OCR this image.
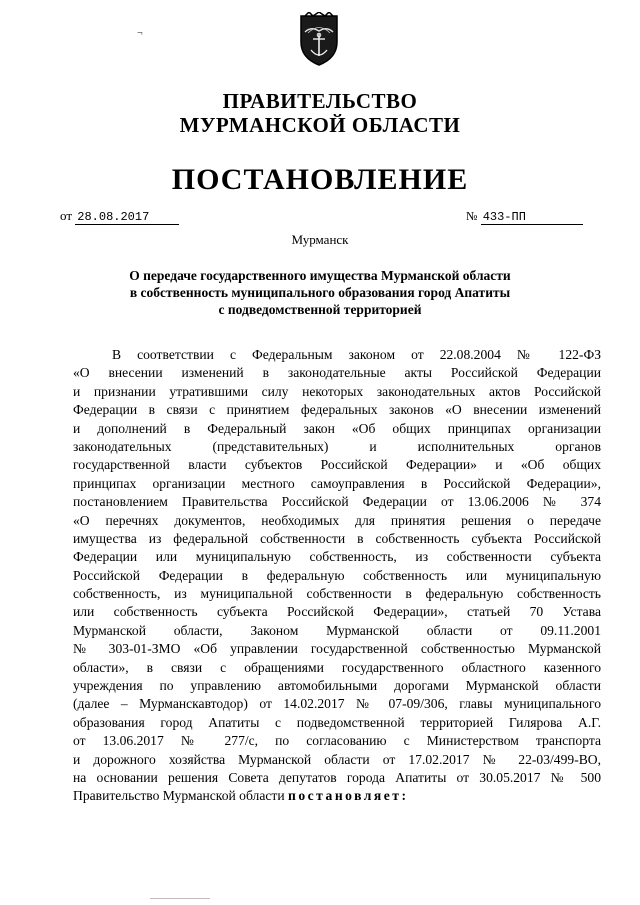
¬
ПРАВИТЕЛЬСТВО
МУРМАНСКОЙ ОБЛАСТИ
ПОСТАНОВЛЕНИЕ
от 28.08.2017	№ 433-ПП
Мурманск
О передаче государственного имущества Мурманской области
в собственность муниципального образования город Апатиты
с подведомственной территорией
В соответствии с Федеральным законом от 22.08.2004 № 122-ФЗ
«О внесении изменений в законодательные акты Российской Федерации
и признании утратившими силу некоторых законодательных актов Российской
Федерации в связи с принятием федеральных законов «О внесении изменений
и дополнений в Федеральный закон «Об общих принципах организации
законодательных (представительных) и исполнительных органов
государственной власти субъектов Российской Федерации» и «Об общих
принципах организации местного самоуправления в Российской Федерации»,
постановлением Правительства Российской Федерации от 13.06.2006 № 374
«О перечнях документов, необходимых для принятия решения о передаче
имущества из федеральной собственности в собственность субъекта Российской
Федерации или муниципальную собственность, из собственности субъекта
Российской Федерации в федеральную собственность или муниципальную
собственность, из муниципальной собственности в федеральную собственность
или собственность субъекта Российской Федерации», статьей 70 Устава
Мурманской области, Законом Мурманской области от 09.11.2001
№ 303-01-ЗМО «Об управлении государственной собственностью Мурманской
области», в связи с обращениями государственного областного казенного
учреждения по управлению автомобильными дорогами Мурманской области
(далее – Мурманскавтодор) от 14.02.2017 № 07-09/306, главы муниципального
образования город Апатиты с подведомственной территорией Гилярова А.Г.
от 13.06.2017 № 277/с, по согласованию с Министерством транспорта
и дорожного хозяйства Мурманской области от 17.02.2017 № 22-03/499-ВО,
на основании решения Совета депутатов города Апатиты от 30.05.2017 № 500
Правительство Мурманской области постановляет:
